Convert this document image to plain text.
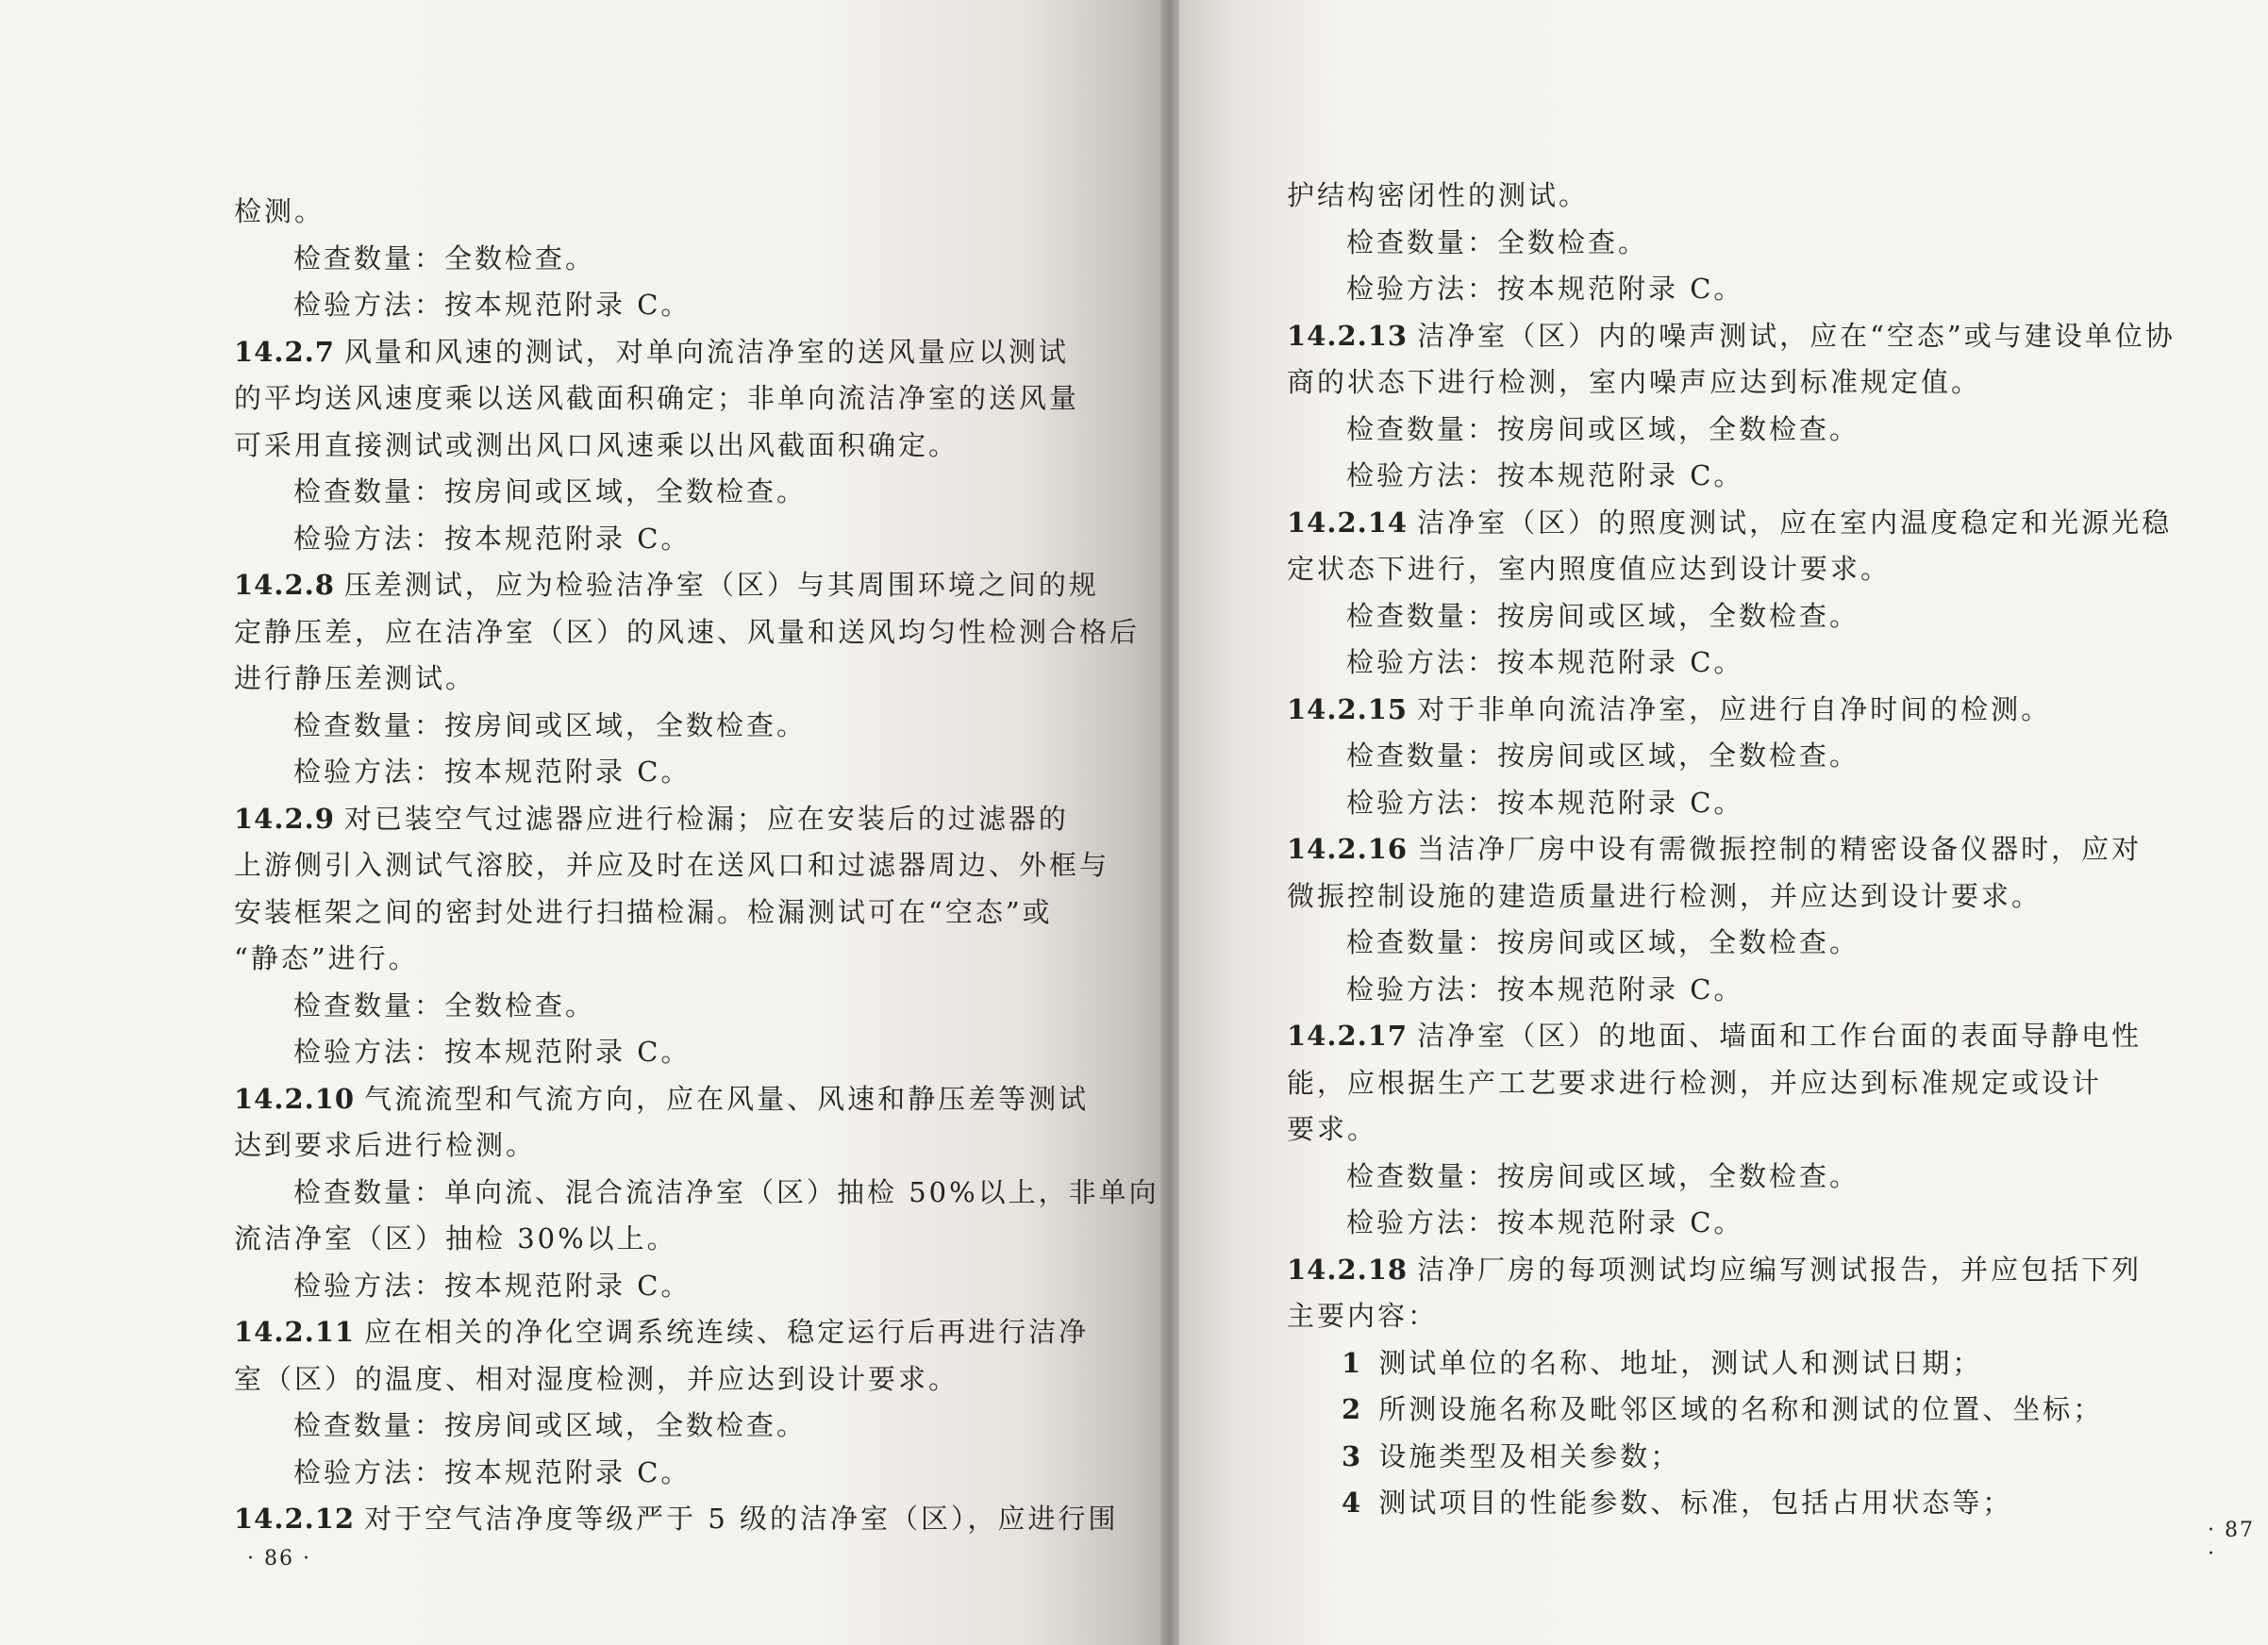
检测。
检查数量：全数检查。
检验方法：按本规范附录 C。
14.2.7 风量和风速的测试，对单向流洁净室的送风量应以测试
的平均送风速度乘以送风截面积确定；非单向流洁净室的送风量
可采用直接测试或测出风口风速乘以出风截面积确定。
检查数量：按房间或区域，全数检查。
检验方法：按本规范附录 C。
14.2.8 压差测试，应为检验洁净室（区）与其周围环境之间的规
定静压差，应在洁净室（区）的风速、风量和送风均匀性检测合格后
进行静压差测试。
检查数量：按房间或区域，全数检查。
检验方法：按本规范附录 C。
14.2.9 对已装空气过滤器应进行检漏；应在安装后的过滤器的
上游侧引入测试气溶胶，并应及时在送风口和过滤器周边、外框与
安装框架之间的密封处进行扫描检漏。检漏测试可在“空态”或
“静态”进行。
检查数量：全数检查。
检验方法：按本规范附录 C。
14.2.10 气流流型和气流方向，应在风量、风速和静压差等测试
达到要求后进行检测。
检查数量：单向流、混合流洁净室（区）抽检 50%以上，非单向
流洁净室（区）抽检 30%以上。
检验方法：按本规范附录 C。
14.2.11 应在相关的净化空调系统连续、稳定运行后再进行洁净
室（区）的温度、相对湿度检测，并应达到设计要求。
检查数量：按房间或区域，全数检查。
检验方法：按本规范附录 C。
14.2.12 对于空气洁净度等级严于 5 级的洁净室（区），应进行围
· 86 ·
护结构密闭性的测试。
检查数量：全数检查。
检验方法：按本规范附录 C。
14.2.13 洁净室（区）内的噪声测试，应在“空态”或与建设单位协
商的状态下进行检测，室内噪声应达到标准规定值。
检查数量：按房间或区域，全数检查。
检验方法：按本规范附录 C。
14.2.14 洁净室（区）的照度测试，应在室内温度稳定和光源光稳
定状态下进行，室内照度值应达到设计要求。
检查数量：按房间或区域，全数检查。
检验方法：按本规范附录 C。
14.2.15 对于非单向流洁净室，应进行自净时间的检测。
检查数量：按房间或区域，全数检查。
检验方法：按本规范附录 C。
14.2.16 当洁净厂房中设有需微振控制的精密设备仪器时，应对
微振控制设施的建造质量进行检测，并应达到设计要求。
检查数量：按房间或区域，全数检查。
检验方法：按本规范附录 C。
14.2.17 洁净室（区）的地面、墙面和工作台面的表面导静电性
能，应根据生产工艺要求进行检测，并应达到标准规定或设计
要求。
检查数量：按房间或区域，全数检查。
检验方法：按本规范附录 C。
14.2.18 洁净厂房的每项测试均应编写测试报告，并应包括下列
主要内容：
1 测试单位的名称、地址，测试人和测试日期；
2 所测设施名称及毗邻区域的名称和测试的位置、坐标；
3 设施类型及相关参数；
4 测试项目的性能参数、标准，包括占用状态等；
· 87 ·
